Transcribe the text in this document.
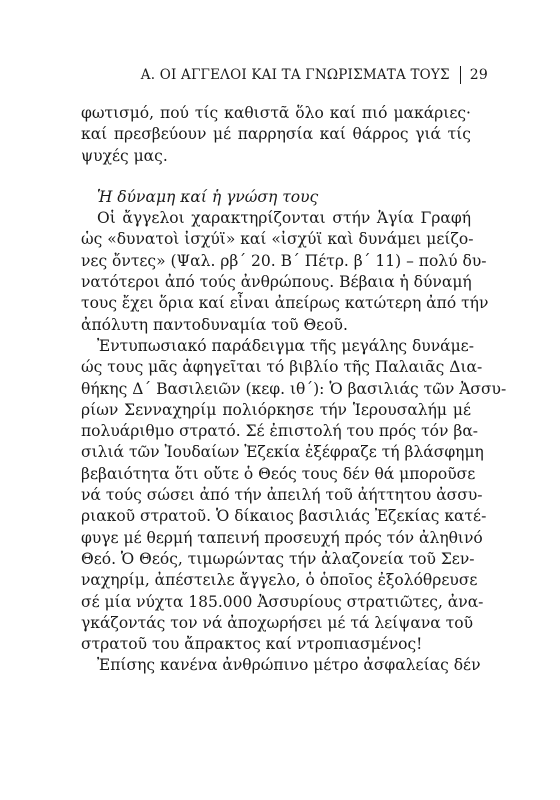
Α. ΟΙ ΑΓΓΕΛΟΙ ΚΑΙ ΤΑ ΓΝΩΡΙΣΜΑΤΑ ΤΟΥΣ 29
φωτισμό, πού τίς καθιστᾶ ὅλο καί πιό μακάριες·
καί πρεσβεύουν μέ παρρησία καί θάρρος γιά τίς
ψυχές μας.
Ἡ δύναμη καί ἡ γνώση τους
Οἱ ἄγγελοι χαρακτηρίζονται στήν Ἁγία Γραφή
ὡς «δυνατοὶ ἰσχύϊ» καί «ἰσχύϊ καὶ δυνάμει μείζο-
νες ὄντες» (Ψαλ. ρβ΄ 20. Β΄ Πέτρ. β΄ 11) – πολύ δυ-
νατότεροι ἀπό τούς ἀνθρώπους. Βέβαια ἡ δύναμή
τους ἔχει ὅρια καί εἶναι ἀπείρως κατώτερη ἀπό τήν
ἀπόλυτη παντοδυναμία τοῦ Θεοῦ.
Ἐντυπωσιακό παράδειγμα τῆς μεγάλης δυνάμε-
ώς τους μᾶς ἀφηγεῖται τό βιβλίο τῆς Παλαιᾶς Δια-
θήκης Δ΄ Βασιλειῶν (κεφ. ιθ΄): Ὁ βασιλιάς τῶν Ἀσσυ-
ρίων Σενναχηρίμ πολιόρκησε τήν Ἱερουσαλήμ μέ
πολυάριθμο στρατό. Σέ ἐπιστολή του πρός τόν βα-
σιλιά τῶν Ἰουδαίων Ἐζεκία ἐξέφραζε τή βλάσφημη
βεβαιότητα ὅτι οὔτε ὁ Θεός τους δέν θά μποροῦσε
νά τούς σώσει ἀπό τήν ἀπειλή τοῦ ἀήττητου ἀσσυ-
ριακοῦ στρατοῦ. Ὁ δίκαιος βασιλιάς Ἐζεκίας κατέ-
φυγε μέ θερμή ταπεινή προσευχή πρός τόν ἀληθινό
Θεό. Ὁ Θεός, τιμωρώντας τήν ἀλαζονεία τοῦ Σεν-
ναχηρίμ, ἀπέστειλε ἄγγελο, ὁ ὁποῖος ἐξολόθρευσε
σέ μία νύχτα 185.000 Ἀσσυρίους στρατιῶτες, ἀνα-
γκάζοντάς τον νά ἀποχωρήσει μέ τά λείψανα τοῦ
στρατοῦ του ἄπρακτος καί ντροπιασμένος!
Ἐπίσης κανένα ἀνθρώπινο μέτρο ἀσφαλείας δέν
